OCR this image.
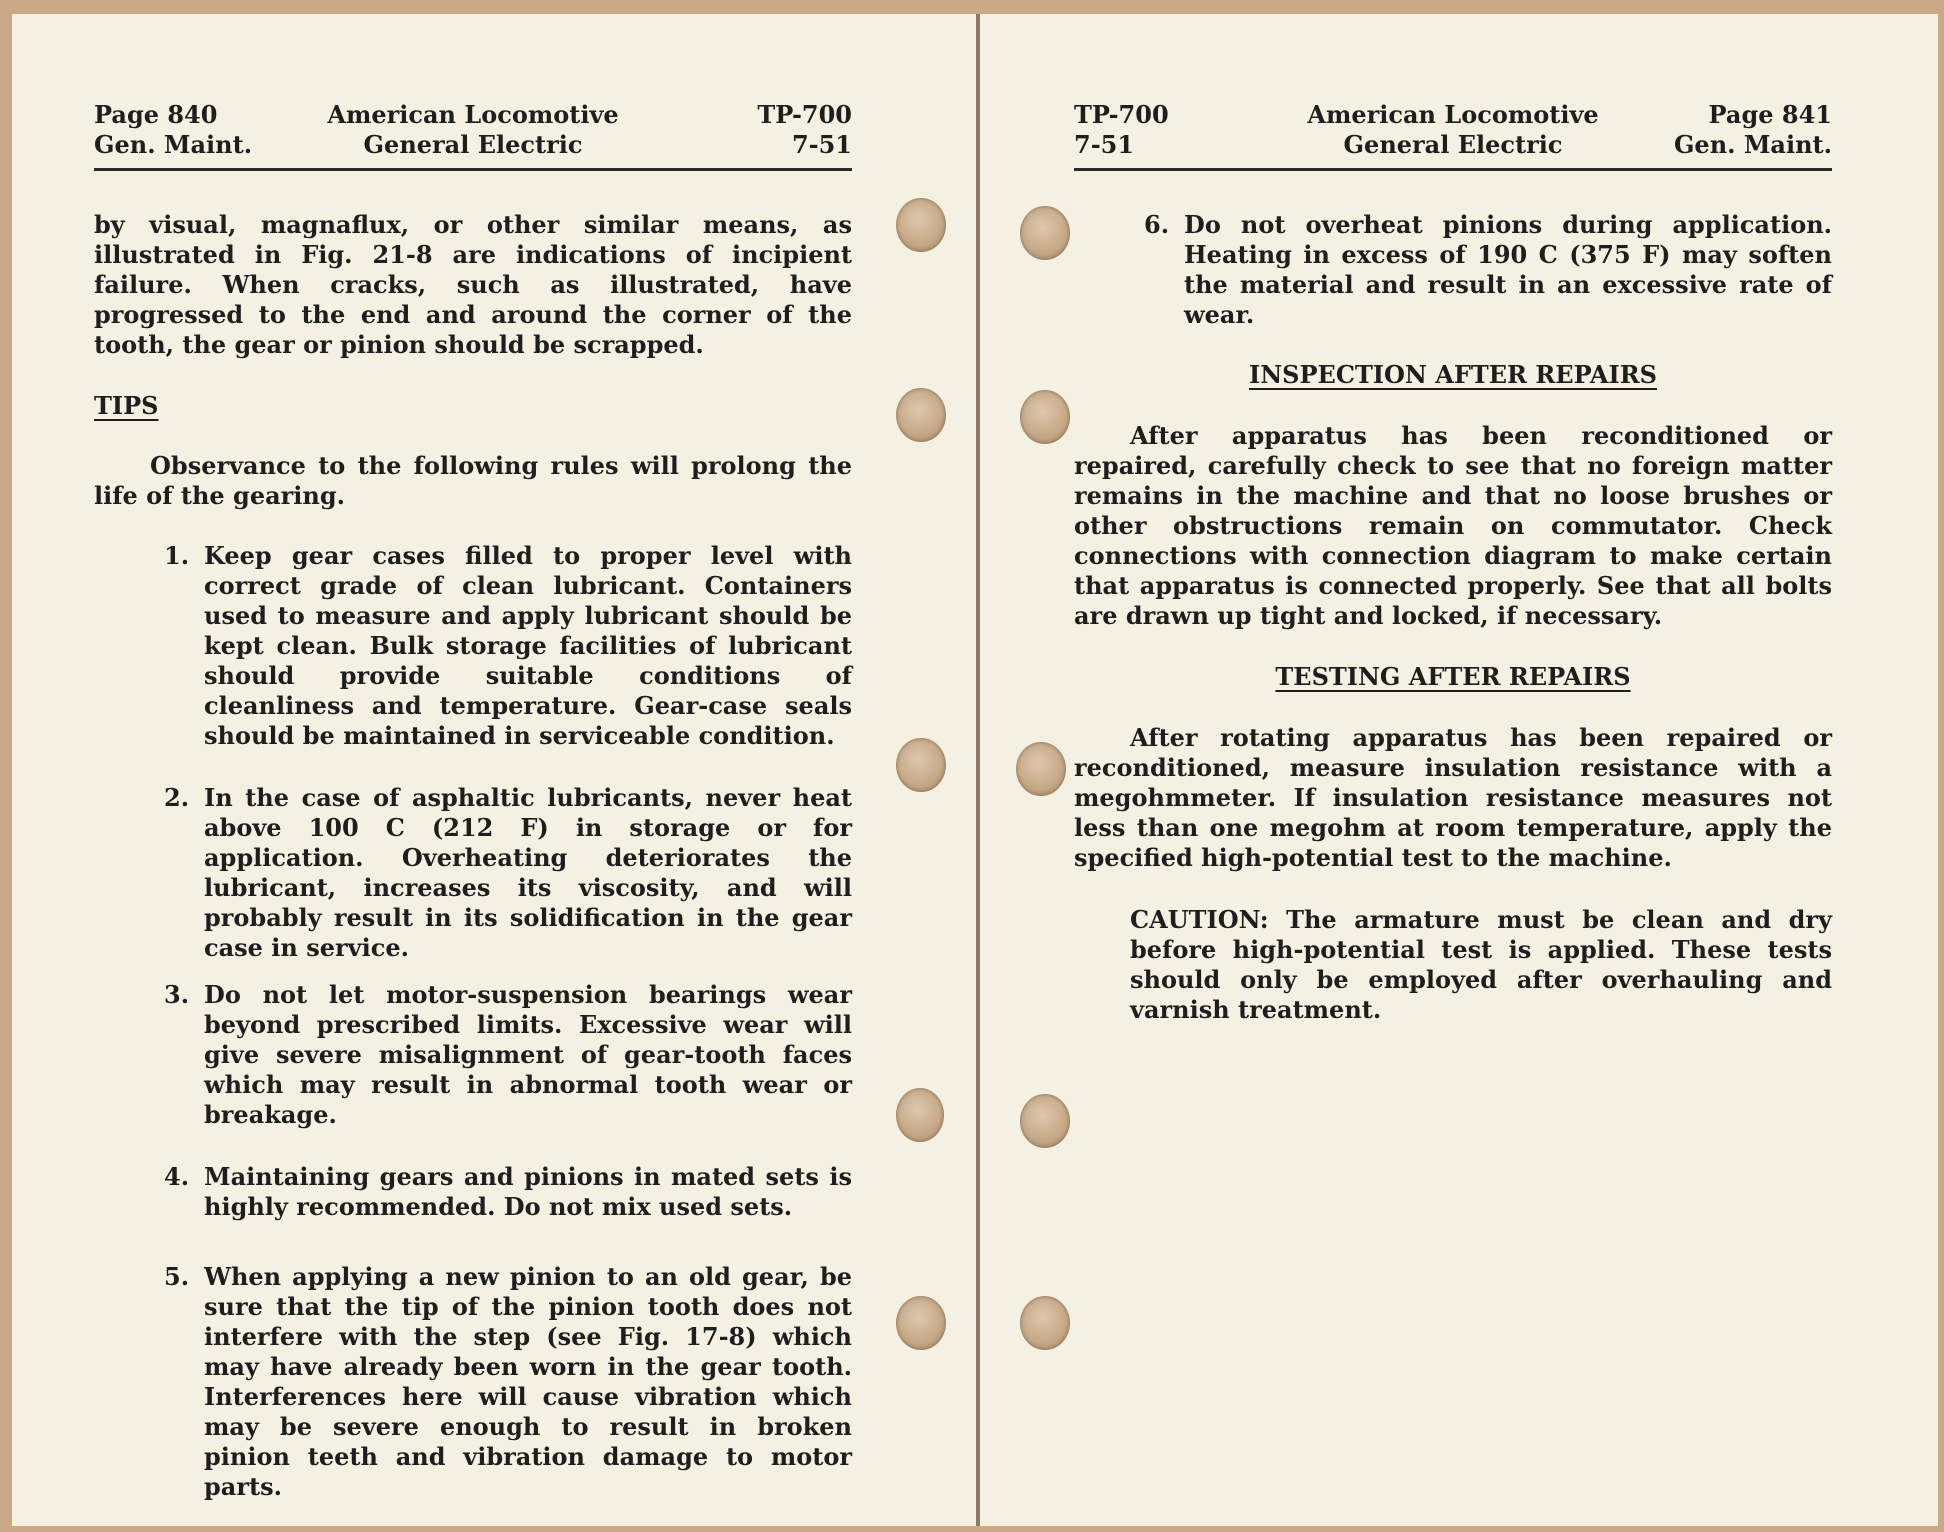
Page 840
Gen. Maint.
American Locomotive
General Electric
TP-700
7-51

by visual, magnaflux, or other similar means, as illustrated in Fig. 21-8 are indications of incipient failure. When cracks, such as illustrated, have progressed to the end and around the corner of the tooth, the gear or pinion should be scrapped.

TIPS

Observance to the following rules will prolong the life of the gearing.

1. Keep gear cases filled to proper level with correct grade of clean lubricant. Containers used to measure and apply lubricant should be kept clean. Bulk storage facilities of lubricant should provide suitable conditions of cleanliness and temperature. Gear-case seals should be maintained in serviceable condition.

2. In the case of asphaltic lubricants, never heat above 100 C (212 F) in storage or for application. Overheating deteriorates the lubricant, increases its viscosity, and will probably result in its solidification in the gear case in service.

3. Do not let motor-suspension bearings wear beyond prescribed limits. Excessive wear will give severe misalignment of gear-tooth faces which may result in abnormal tooth wear or breakage.

4. Maintaining gears and pinions in mated sets is highly recommended. Do not mix used sets.

5. When applying a new pinion to an old gear, be sure that the tip of the pinion tooth does not interfere with the step (see Fig. 17-8) which may have already been worn in the gear tooth. Interferences here will cause vibration which may be severe enough to result in broken pinion teeth and vibration damage to motor parts.

TP-700
7-51
American Locomotive
General Electric
Page 841
Gen. Maint.
6. Do not overheat pinions during application. Heating in excess of 190 C (375 F) may soften the material and result in an excessive rate of wear.

INSPECTION AFTER REPAIRS

After apparatus has been reconditioned or repaired, carefully check to see that no foreign matter remains in the machine and that no loose brushes or other obstructions remain on commutator. Check connections with connection diagram to make certain that apparatus is connected properly. See that all bolts are drawn up tight and locked, if necessary.

TESTING AFTER REPAIRS

After rotating apparatus has been repaired or reconditioned, measure insulation resistance with a megohmmeter. If insulation resistance measures not less than one megohm at room temperature, apply the specified high-potential test to the machine.

CAUTION: The armature must be clean and dry before high-potential test is applied. These tests should only be employed after overhauling and varnish treatment.
